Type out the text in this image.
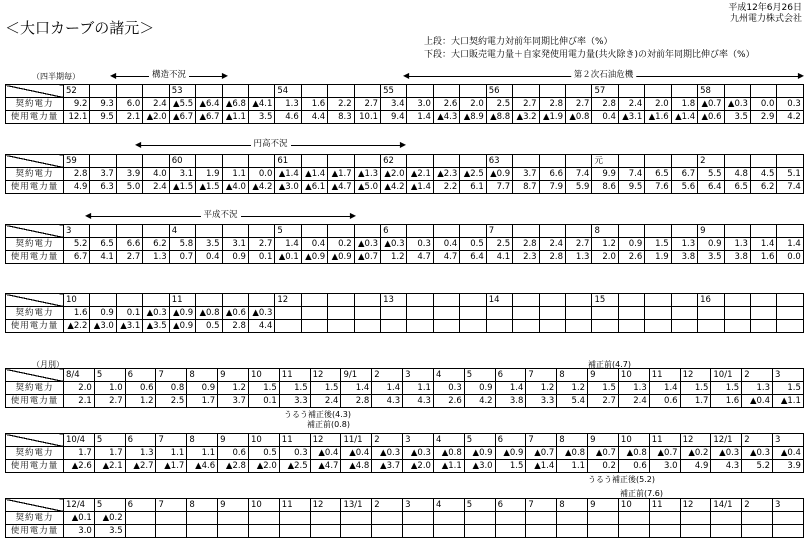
＜大口カーブの諸元＞
平成12年6月26日
九州電力株式会社
上段：大口契約電力対前年同期比伸び率（%）
下段：大口販売電力量＋自家発使用電力量(共火除き)の対前年同期比伸び率（%）
◀	▶
構造不況	◀	▶
第２次石油危機
◀	▶
円高不況
◀	▶
平成不況
（四半期毎）
（月別）	補正前(4.7)
うるう補正後(4.3)
補正前(0.8)
うるう補正後(5.2)
補正前(7.6)
	52				53				54				55				56				57				58			
契約電力	9.2	9.3	6.0	2.4	▲5.5	▲6.4	▲6.8	▲4.1	1.3	1.6	2.2	2.7	3.4	3.0	2.6	2.0	2.5	2.7	2.8	2.7	2.8	2.4	2.0	1.8	▲0.7	▲0.3	0.0	0.3
使用電力量	12.1	9.5	2.1	▲2.0	▲6.7	▲6.7	▲1.1	3.5	4.6	4.4	8.3	10.1	9.4	1.4	▲4.3	▲8.9	▲8.8	▲3.2	▲1.9	▲0.8	0.4	▲3.1	▲1.6	▲1.4	▲0.6	3.5	2.9	4.2
	59				60				61				62				63				元				2			
契約電力	2.8	3.7	3.9	4.0	3.1	1.9	1.1	0.0	▲1.4	▲1.4	▲1.7	▲1.3	▲2.0	▲2.1	▲2.3	▲2.5	▲0.9	3.7	6.6	7.4	9.9	7.4	6.5	6.7	5.5	4.8	4.5	5.1
使用電力量	4.9	6.3	5.0	2.4	▲1.5	▲1.5	▲4.0	▲4.2	▲3.0	▲6.1	▲4.7	▲5.0	▲4.2	▲1.4	2.2	6.1	7.7	8.7	7.9	5.9	8.6	9.5	7.6	5.6	6.4	6.5	6.2	7.4
	3				4				5				6				7				8				9			
契約電力	5.2	6.5	6.6	6.2	5.8	3.5	3.1	2.7	1.4	0.4	0.2	▲0.3	▲0.3	0.3	0.4	0.5	2.5	2.8	2.4	2.7	1.2	0.9	1.5	1.3	0.9	1.3	1.4	1.4
使用電力量	6.7	4.1	2.7	1.3	0.7	0.4	0.9	0.1	▲0.1	▲0.9	▲0.9	▲0.7	1.2	4.7	4.7	6.4	4.1	2.3	2.8	1.3	2.0	2.6	1.9	3.8	3.5	3.8	1.6	0.0
	10				11				12				13				14				15				16			
契約電力	1.6	0.9	0.1	▲0.3	▲0.9	▲0.8	▲0.6	▲0.3																				
使用電力量	▲2.2	▲3.0	▲3.1	▲3.5	▲0.9	0.5	2.8	4.4																				
	8/4	5	6	7	8	9	10	11	12	9/1	2	3	4	5	6	7	8	9	10	11	12	10/1	2	3
契約電力	2.0	1.0	0.6	0.8	0.9	1.2	1.5	1.5	1.5	1.4	1.4	1.1	0.3	0.9	1.4	1.2	1.2	1.5	1.3	1.4	1.5	1.5	1.3	1.5
使用電力量	2.1	2.7	1.2	2.5	1.7	3.7	0.1	3.3	2.4	2.8	4.3	4.3	2.6	4.2	3.8	3.3	5.4	2.7	2.4	0.6	1.7	1.6	▲0.4	▲1.1
	10/4	5	6	7	8	9	10	11	12	11/1	2	3	4	5	6	7	8	9	10	11	12	12/1	2	3
契約電力	1.7	1.7	1.3	1.1	1.1	0.6	0.5	0.3	▲0.4	▲0.4	▲0.3	▲0.3	▲0.8	▲0.9	▲0.9	▲0.7	▲0.8	▲0.7	▲0.8	▲0.7	▲0.2	▲0.3	▲0.3	▲0.4
使用電力量	▲2.6	▲2.1	▲2.7	▲1.7	▲4.6	▲2.8	▲2.0	▲2.5	▲4.7	▲4.8	▲3.7	▲2.0	▲1.1	▲3.0	1.5	▲1.4	1.1	0.2	0.6	3.0	4.9	4.3	5.2	3.9
	12/4	5	6	7	8	9	10	11	12	13/1	2	3	4	5	6	7	8	9	10	11	12	14/1	2	3
契約電力	▲0.1	▲0.2																						
使用電力量	3.0	3.5																						
